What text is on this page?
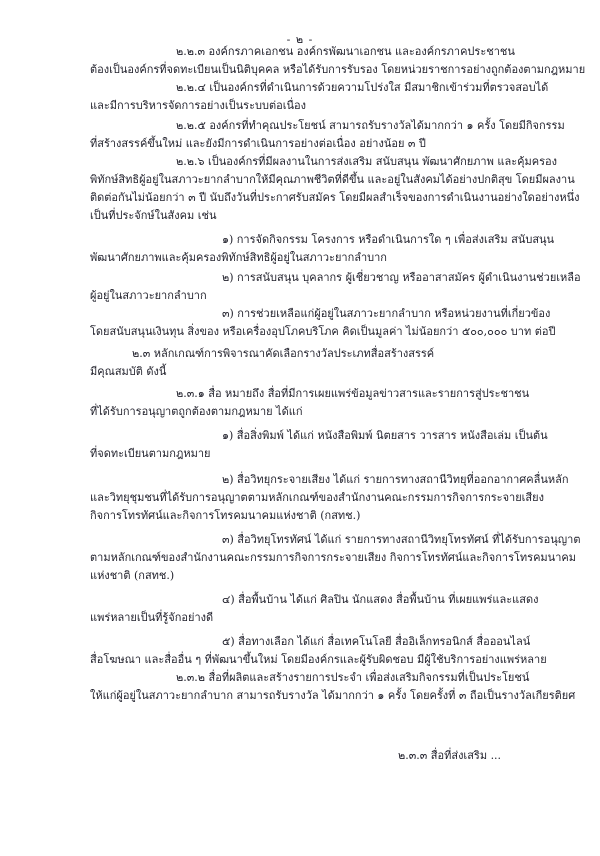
- ๒ -
๒.๒.๓ องค์กรภาคเอกชน องค์กรพัฒนาเอกชน และองค์กรภาคประชาชน
ต้องเป็นองค์กรที่จดทะเบียนเป็นนิติบุคคล หรือได้รับการรับรอง โดยหน่วยราชการอย่างถูกต้องตามกฎหมาย
๒.๒.๔ เป็นองค์กรที่ดำเนินการด้วยความโปร่งใส มีสมาชิกเข้าร่วมที่ตรวจสอบได้
และมีการบริหารจัดการอย่างเป็นระบบต่อเนื่อง
๒.๒.๕ องค์กรที่ทำคุณประโยชน์ สามารถรับรางวัลได้มากกว่า ๑ ครั้ง โดยมีกิจกรรม
ที่สร้างสรรค์ขึ้นใหม่ และยังมีการดำเนินการอย่างต่อเนื่อง อย่างน้อย ๓ ปี
๒.๒.๖ เป็นองค์กรที่มีผลงานในการส่งเสริม สนับสนุน พัฒนาศักยภาพ และคุ้มครอง
พิทักษ์สิทธิผู้อยู่ในสภาวะยากลำบากให้มีคุณภาพชีวิตที่ดีขึ้น และอยู่ในสังคมได้อย่างปกติสุข โดยมีผลงาน
ติดต่อกันไม่น้อยกว่า ๓ ปี นับถึงวันที่ประกาศรับสมัคร โดยมีผลสำเร็จของการดำเนินงานอย่างใดอย่างหนึ่ง
เป็นที่ประจักษ์ในสังคม เช่น
๑) การจัดกิจกรรม โครงการ หรือดำเนินการใด ๆ เพื่อส่งเสริม สนับสนุน
พัฒนาศักยภาพและคุ้มครองพิทักษ์สิทธิผู้อยู่ในสภาวะยากลำบาก
๒) การสนับสนุน บุคลากร ผู้เชี่ยวชาญ หรืออาสาสมัคร ผู้ดำเนินงานช่วยเหลือ
ผู้อยู่ในสภาวะยากลำบาก
๓) การช่วยเหลือแก่ผู้อยู่ในสภาวะยากลำบาก หรือหน่วยงานที่เกี่ยวข้อง
โดยสนับสนุนเงินทุน สิ่งของ หรือเครื่องอุปโภคบริโภค คิดเป็นมูลค่า ไม่น้อยกว่า ๕๐๐,๐๐๐ บาท ต่อปี
๒.๓ หลักเกณฑ์การพิจารณาคัดเลือกรางวัลประเภทสื่อสร้างสรรค์
มีคุณสมบัติ ดังนี้
๒.๓.๑ สื่อ หมายถึง สื่อที่มีการเผยแพร่ข้อมูลข่าวสารและรายการสู่ประชาชน
ที่ได้รับการอนุญาตถูกต้องตามกฎหมาย ได้แก่
๑) สื่อสิ่งพิมพ์ ได้แก่ หนังสือพิมพ์ นิตยสาร วารสาร หนังสือเล่ม เป็นต้น
ที่จดทะเบียนตามกฎหมาย
๒) สื่อวิทยุกระจายเสียง ได้แก่ รายการทางสถานีวิทยุที่ออกอากาศคลื่นหลัก
และวิทยุชุมชนที่ได้รับการอนุญาตตามหลักเกณฑ์ของสำนักงานคณะกรรมการกิจการกระจายเสียง
กิจการโทรทัศน์และกิจการโทรคมนาคมแห่งชาติ (กสทช.)
๓) สื่อวิทยุโทรทัศน์ ได้แก่ รายการทางสถานีวิทยุโทรทัศน์ ที่ได้รับการอนุญาต
ตามหลักเกณฑ์ของสำนักงานคณะกรรมการกิจการกระจายเสียง กิจการโทรทัศน์และกิจการโทรคมนาคม
แห่งชาติ (กสทช.)
๔) สื่อพื้นบ้าน ได้แก่ ศิลปิน นักแสดง สื่อพื้นบ้าน ที่เผยแพร่และแสดง
แพร่หลายเป็นที่รู้จักอย่างดี
๕) สื่อทางเลือก ได้แก่ สื่อเทคโนโลยี สื่ออิเล็กทรอนิกส์ สื่อออนไลน์
สื่อโฆษณา และสื่ออื่น ๆ ที่พัฒนาขึ้นใหม่ โดยมีองค์กรและผู้รับผิดชอบ มีผู้ใช้บริการอย่างแพร่หลาย
๒.๓.๒ สื่อที่ผลิตและสร้างรายการประจำ เพื่อส่งเสริมกิจกรรมที่เป็นประโยชน์
ให้แก่ผู้อยู่ในสภาวะยากลำบาก สามารถรับรางวัล ได้มากกว่า ๑ ครั้ง โดยครั้งที่ ๓ ถือเป็นรางวัลเกียรติยศ
๒.๓.๓ สื่อที่ส่งเสริม ...
